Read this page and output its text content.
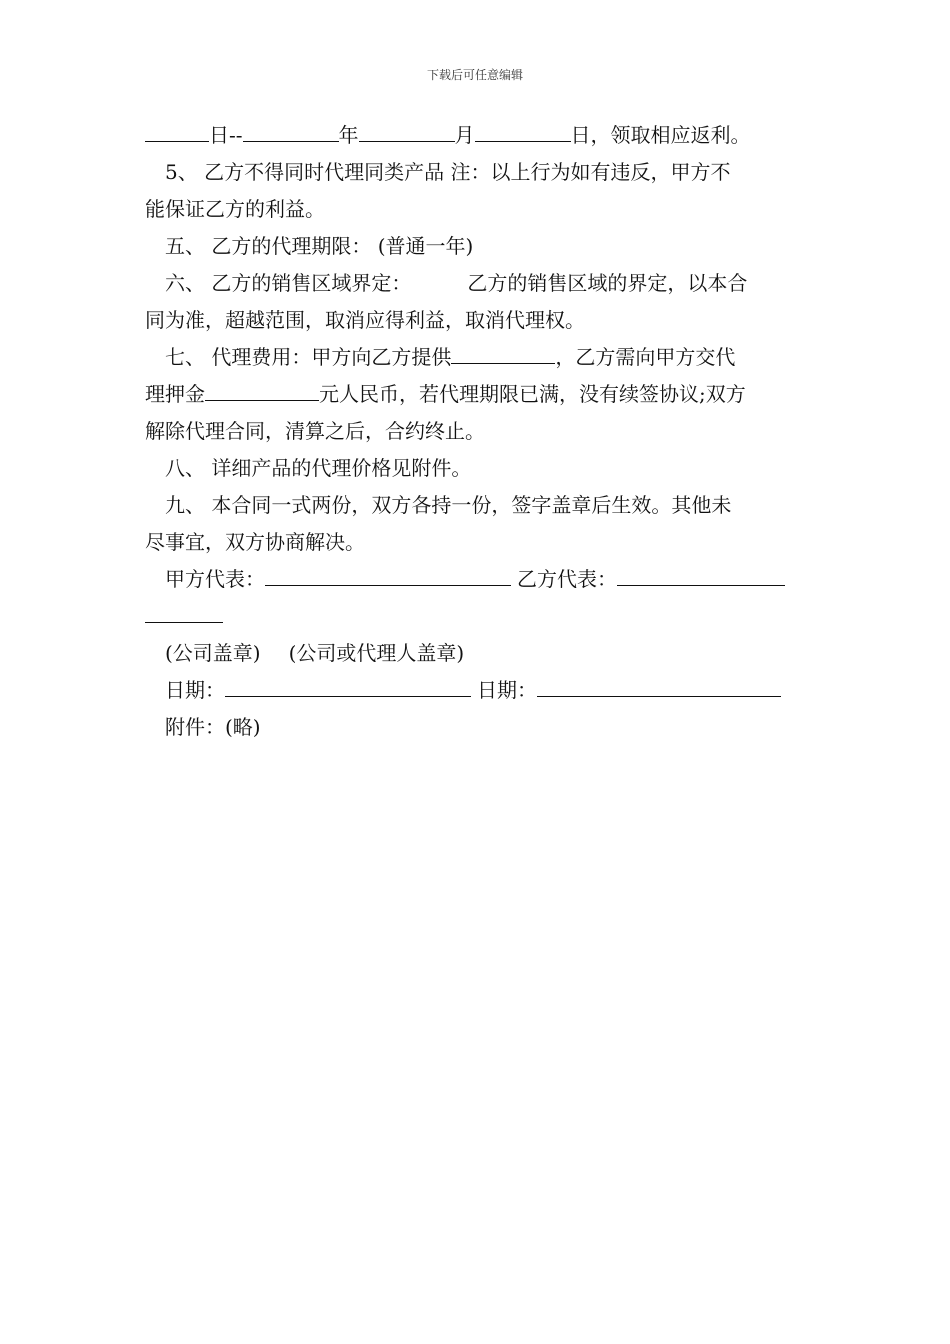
下载后可任意编辑
日--	年	月	日，领取相应返利。
5、 乙方不得同时代理同类产品 注：以上行为如有违反，甲方不
能保证乙方的利益。
五、 乙方的代理期限： (普通一年)
六、 乙方的销售区域界定：	乙方的销售区域的界定，以本合
同为准，超越范围，取消应得利益，取消代理权。
七、 代理费用：甲方向乙方提供	，乙方需向甲方交代
理押金	元人民币，若代理期限已满，没有续签协议;双方
解除代理合同，清算之后，合约终止。
八、 详细产品的代理价格见附件。
九、 本合同一式两份，双方各持一份，签字盖章后生效。其他未
尽事宜，双方协商解决。
甲方代表：	乙方代表：
(公司盖章) (公司或代理人盖章)
日期：	日期：
附件：(略)
